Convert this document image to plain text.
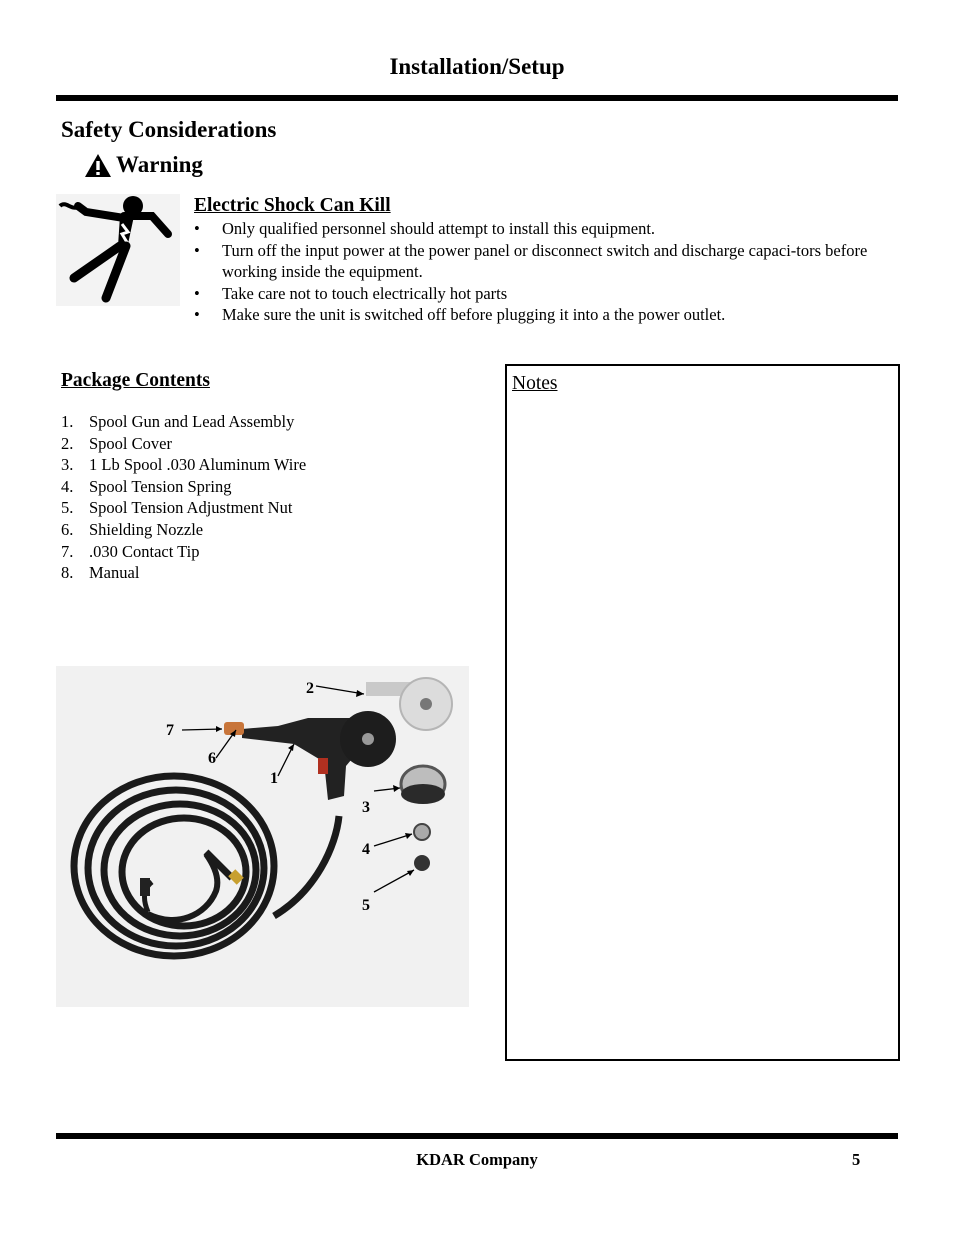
Installation/Setup
Safety Considerations
Warning
Electric Shock Can Kill
• Only qualified personnel should attempt to install this equipment.
• Turn off the input power at the power panel or disconnect switch and discharge capaci-tors before working inside the equipment.
• Take care not to touch electrically hot parts
• Make sure the unit is switched off before plugging it into a the power outlet.
Package Contents
1. Spool Gun and Lead Assembly
2. Spool Cover
3. 1 Lb Spool .030 Aluminum Wire
4. Spool Tension Spring
5. Spool Tension Adjustment Nut
6. Shielding Nozzle
7. .030 Contact Tip
8. Manual
1
2
3
4
5
6
7
Notes
KDAR Company	5
